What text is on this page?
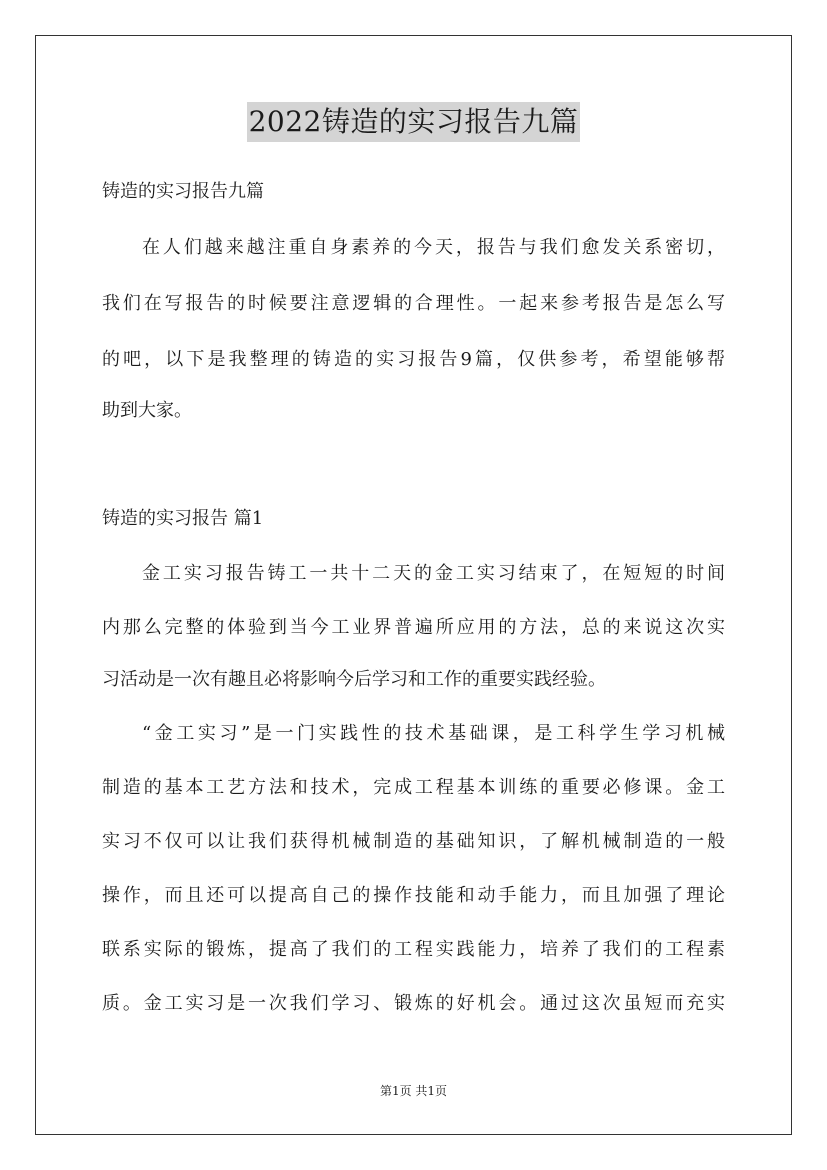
2022铸造的实习报告九篇
铸造的实习报告九篇
在人们越来越注重自身素养的今天，报告与我们愈发关系密切，
我们在写报告的时候要注意逻辑的合理性。一起来参考报告是怎么写
的吧，以下是我整理的铸造的实习报告9篇，仅供参考，希望能够帮
助到大家。
铸造的实习报告 篇1
金工实习报告铸工一共十二天的金工实习结束了，在短短的时间
内那么完整的体验到当今工业界普遍所应用的方法，总的来说这次实
习活动是一次有趣且必将影响今后学习和工作的重要实践经验。
“金工实习”是一门实践性的技术基础课，是工科学生学习机械
制造的基本工艺方法和技术，完成工程基本训练的重要必修课。金工
实习不仅可以让我们获得机械制造的基础知识，了解机械制造的一般
操作，而且还可以提高自己的操作技能和动手能力，而且加强了理论
联系实际的锻炼，提高了我们的工程实践能力，培养了我们的工程素
质。金工实习是一次我们学习、锻炼的好机会。通过这次虽短而充实
第1页 共1页
